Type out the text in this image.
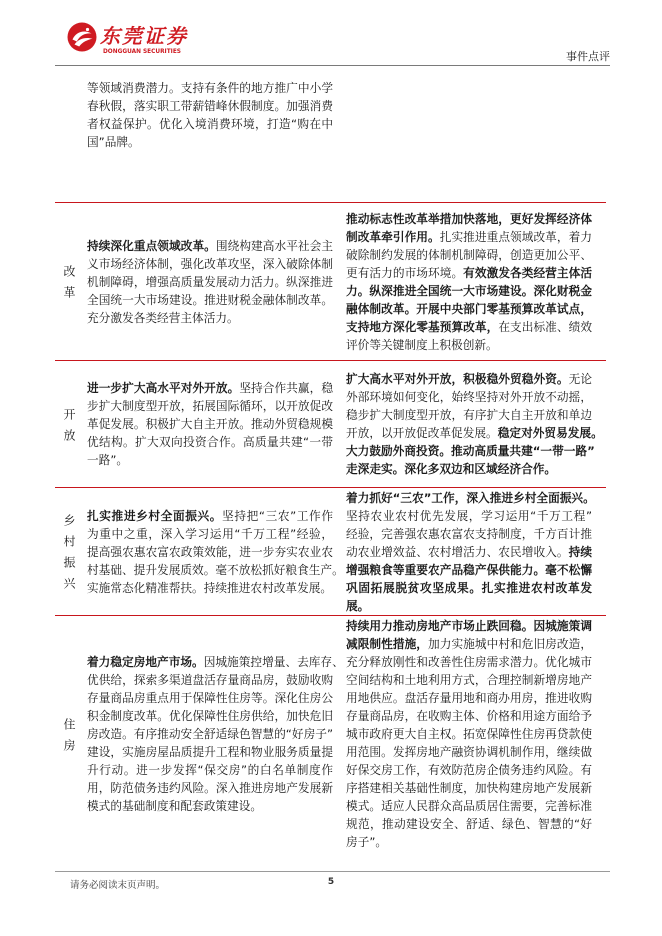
东莞证券
DONGGUAN SECURITIES	事件点评
等领域消费潜力。支持有条件的地方推广中小学
春秋假，落实职工带薪错峰休假制度。加强消费
者权益保护。优化入境消费环境，打造“购在中
国”品牌。
改革
持续深化重点领域改革。围绕构建高水平社会主
义市场经济体制，强化改革攻坚，深入破除体制
机制障碍，增强高质量发展动力活力。纵深推进
全国统一大市场建设。推进财税金融体制改革。
充分激发各类经营主体活力。
推动标志性改革举措加快落地，更好发挥经济体
制改革牵引作用。扎实推进重点领域改革，着力
破除制约发展的体制机制障碍，创造更加公平、
更有活力的市场环境。有效激发各类经营主体活
力。纵深推进全国统一大市场建设。深化财税金
融体制改革。开展中央部门零基预算改革试点，
支持地方深化零基预算改革，在支出标准、绩效
评价等关键制度上积极创新。
开放
进一步扩大高水平对外开放。坚持合作共赢，稳
步扩大制度型开放，拓展国际循环，以开放促改
革促发展。积极扩大自主开放。推动外贸稳规模
优结构。扩大双向投资合作。高质量共建“一带
一路”。
扩大高水平对外开放，积极稳外贸稳外资。无论
外部环境如何变化，始终坚持对外开放不动摇，
稳步扩大制度型开放，有序扩大自主开放和单边
开放，以开放促改革促发展。稳定对外贸易发展。
大力鼓励外商投资。推动高质量共建“一带一路”
走深走实。深化多双边和区域经济合作。
乡村振兴 扎实推进乡村全面振兴。坚持把“三农”工作作
为重中之重，深入学习运用“千万工程”经验，
提高强农惠农富农政策效能，进一步夯实农业农
村基础、提升发展质效。毫不放松抓好粮食生产。
实施常态化精准帮扶。持续推进农村改革发展。
着力抓好“三农”工作，深入推进乡村全面振兴。
坚持农业农村优先发展，学习运用“千万工程”
经验，完善强农惠农富农支持制度，千方百计推
动农业增效益、农村增活力、农民增收入。持续
增强粮食等重要农产品稳产保供能力。毫不松懈
巩固拓展脱贫攻坚成果。扎实推进农村改革发
展。
住房
着力稳定房地产市场。因城施策控增量、去库存、
优供给，探索多渠道盘活存量商品房，鼓励收购
存量商品房重点用于保障性住房等。深化住房公
积金制度改革。优化保障性住房供给，加快危旧
房改造。有序推动安全舒适绿色智慧的“好房子”
建设，实施房屋品质提升工程和物业服务质量提
升行动。进一步发挥“保交房”的白名单制度作
用，防范债务违约风险。深入推进房地产发展新
模式的基础制度和配套政策建设。
持续用力推动房地产市场止跌回稳。因城施策调
减限制性措施，加力实施城中村和危旧房改造，
充分释放刚性和改善性住房需求潜力。优化城市
空间结构和土地利用方式，合理控制新增房地产
用地供应。盘活存量用地和商办用房，推进收购
存量商品房，在收购主体、价格和用途方面给予
城市政府更大自主权。拓宽保障性住房再贷款使
用范围。发挥房地产融资协调机制作用，继续做
好保交房工作，有效防范房企债务违约风险。有
序搭建相关基础性制度，加快构建房地产发展新
模式。适应人民群众高品质居住需要，完善标准
规范，推动建设安全、舒适、绿色、智慧的“好
房子”。
请务必阅读末页声明。	5
